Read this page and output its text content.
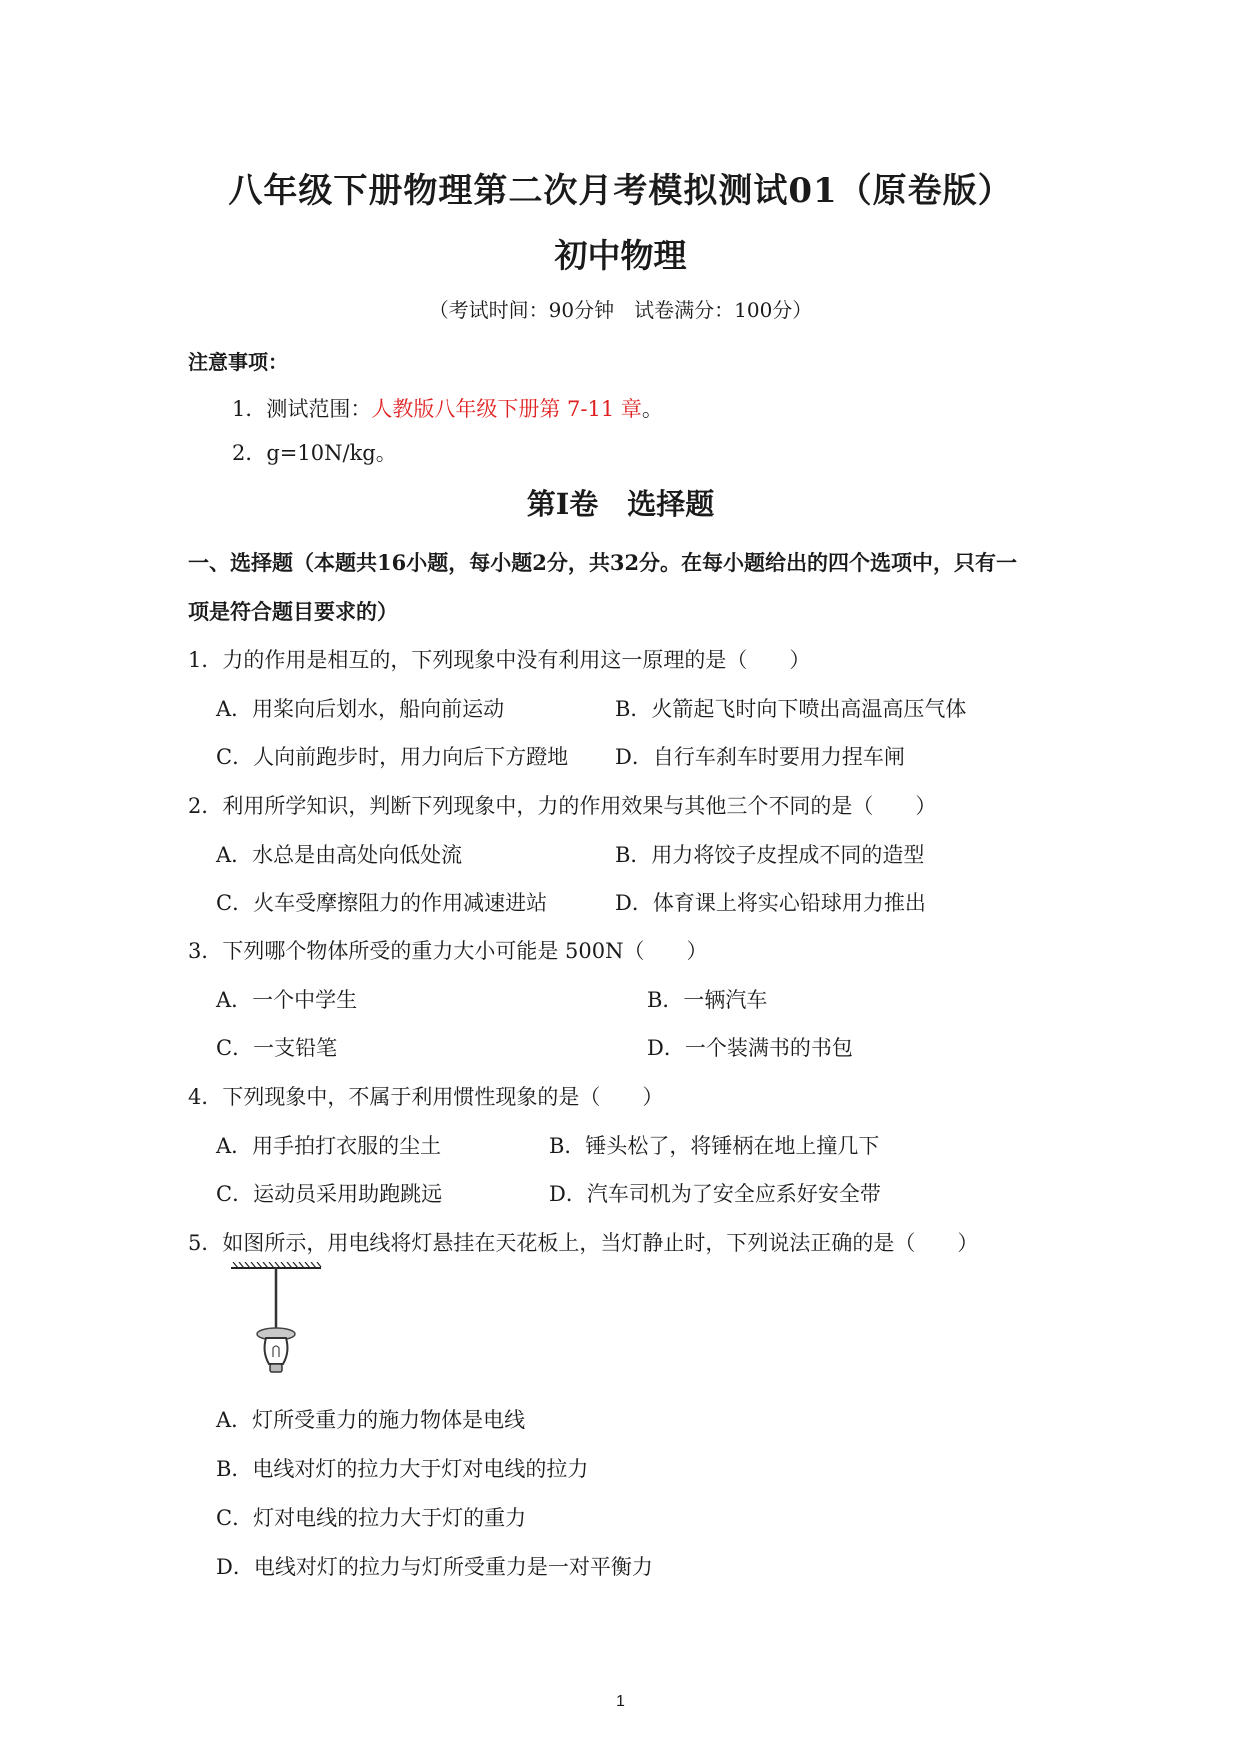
八年级下册物理第二次月考模拟测试01（原卷版）
初中物理
（考试时间：90分钟　试卷满分：100分）
注意事项：
1．测试范围：人教版八年级下册第 7-11 章。
2．g=10N/kg。
第Ⅰ卷　选择题
一、选择题（本题共16小题，每小题2分，共32分。在每小题给出的四个选项中，只有一
项是符合题目要求的）
1．力的作用是相互的，下列现象中没有利用这一原理的是（　　）
A．用桨向后划水，船向前运动	B．火箭起飞时向下喷出高温高压气体
C．人向前跑步时，用力向后下方蹬地 D．自行车刹车时要用力捏车闸
2．利用所学知识，判断下列现象中，力的作用效果与其他三个不同的是（　　）
A．水总是由高处向低处流	B．用力将饺子皮捏成不同的造型
C．火车受摩擦阻力的作用减速进站	D．体育课上将实心铅球用力推出
3．下列哪个物体所受的重力大小可能是 500N（　　）
A．一个中学生	B．一辆汽车
C．一支铅笔	D．一个装满书的书包
4．下列现象中，不属于利用惯性现象的是（　　）
A．用手拍打衣服的尘土	B．锤头松了，将锤柄在地上撞几下
C．运动员采用助跑跳远	D．汽车司机为了安全应系好安全带
5．如图所示，用电线将灯悬挂在天花板上，当灯静止时，下列说法正确的是（　　）
A．灯所受重力的施力物体是电线
B．电线对灯的拉力大于灯对电线的拉力
C．灯对电线的拉力大于灯的重力
D．电线对灯的拉力与灯所受重力是一对平衡力
1
